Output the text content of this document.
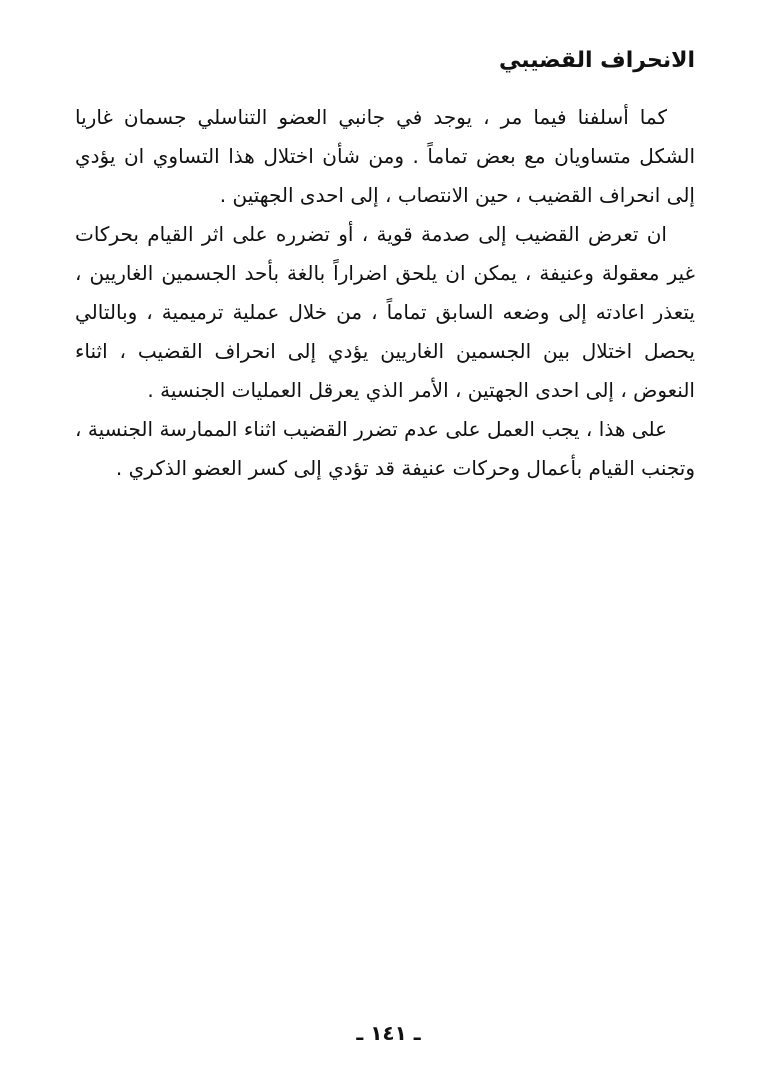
الانحراف القضيبي

كما أسلفنا فيما مر ، يوجد في جانبي العضو التناسلي جسمان غاريا الشكل متساويان مع بعض تماماً . ومن شأن اختلال هذا التساوي ان يؤدي إلى انحراف القضيب ، حين الانتصاب ، إلى احدى الجهتين .

ان تعرض القضيب إلى صدمة قوية ، أو تضرره على اثر القيام بحركات غير معقولة وعنيفة ، يمكن ان يلحق اضراراً بالغة بأحد الجسمين الغاريين ، يتعذر اعادته إلى وضعه السابق تماماً ، من خلال عملية ترميمية ، وبالتالي يحصل اختلال بين الجسمين الغاريين يؤدي إلى انحراف القضيب ، اثناء النعوض ، إلى احدى الجهتين ، الأمر الذي يعرقل العمليات الجنسية .

على هذا ، يجب العمل على عدم تضرر القضيب اثناء الممارسة الجنسية ، وتجنب القيام بأعمال وحركات عنيفة قد تؤدي إلى كسر العضو الذكري .

ـ ١٤١ ـ
